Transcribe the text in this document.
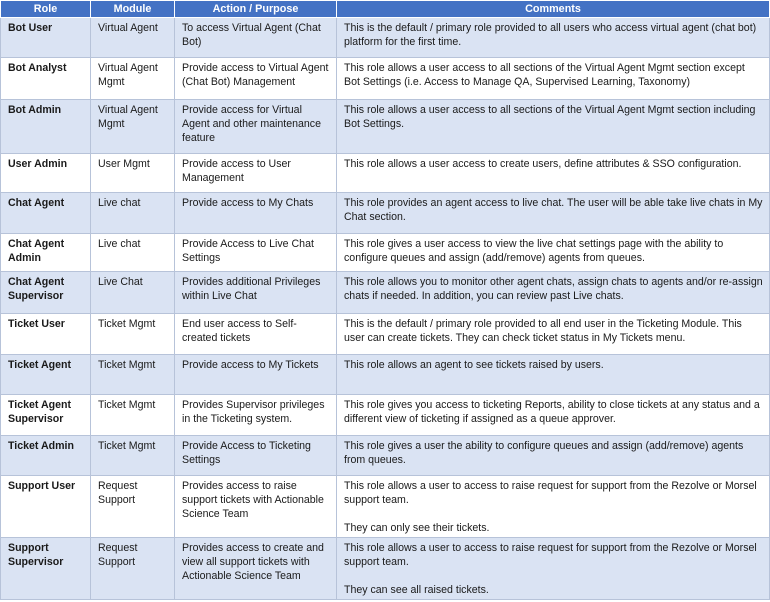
Role	Module	Action / Purpose	Comments
Bot User	Virtual Agent	To access Virtual Agent (Chat Bot)	This is the default / primary role provided to all users who access virtual agent (chat bot) platform for the first time.
Bot Analyst	Virtual Agent Mgmt	Provide access to Virtual Agent (Chat Bot) Management	This role allows a user access to all sections of the Virtual Agent Mgmt section except Bot Settings (i.e. Access to Manage QA, Supervised Learning, Taxonomy)
Bot Admin	Virtual Agent Mgmt	Provide access for Virtual Agent and other maintenance feature	This role allows a user access to all sections of the Virtual Agent Mgmt section including Bot Settings.
User Admin	User Mgmt	Provide access to User Management	This role allows a user access to create users, define attributes & SSO configuration.
Chat Agent	Live chat	Provide access to My Chats	This role provides an agent access to live chat. The user will be able take live chats in My Chat section.
Chat Agent Admin	Live chat	Provide Access to Live Chat Settings	This role gives a user access to view the live chat settings page with the ability to configure queues and assign (add/remove) agents from queues.
Chat Agent Supervisor	Live Chat	Provides additional Privileges within Live Chat	This role allows you to monitor other agent chats, assign chats to agents and/or re-assign chats if needed. In addition, you can review past Live chats.
Ticket User	Ticket Mgmt	End user access to Self-created tickets	This is the default / primary role provided to all end user in the Ticketing Module. This user can create tickets. They can check ticket status in My Tickets menu.
Ticket Agent	Ticket Mgmt	Provide access to My Tickets	This role allows an agent to see tickets raised by users.
Ticket Agent Supervisor	Ticket Mgmt	Provides Supervisor privileges in the Ticketing system.	This role gives you access to ticketing Reports, ability to close tickets at any status and a different view of ticketing if assigned as a queue approver.
Ticket Admin	Ticket Mgmt	Provide Access to Ticketing Settings	This role gives a user the ability to configure queues and assign (add/remove) agents from queues.
Support User	Request Support	Provides access to raise support tickets with Actionable Science Team	This role allows a user to access to raise request for support from the Rezolve or Morsel support team.
They can only see their tickets.

Support Supervisor	Request Support	Provides access to create and view all support tickets with Actionable Science Team	This role allows a user to access to raise request for support from the Rezolve or Morsel support team.
They can see all raised tickets.
